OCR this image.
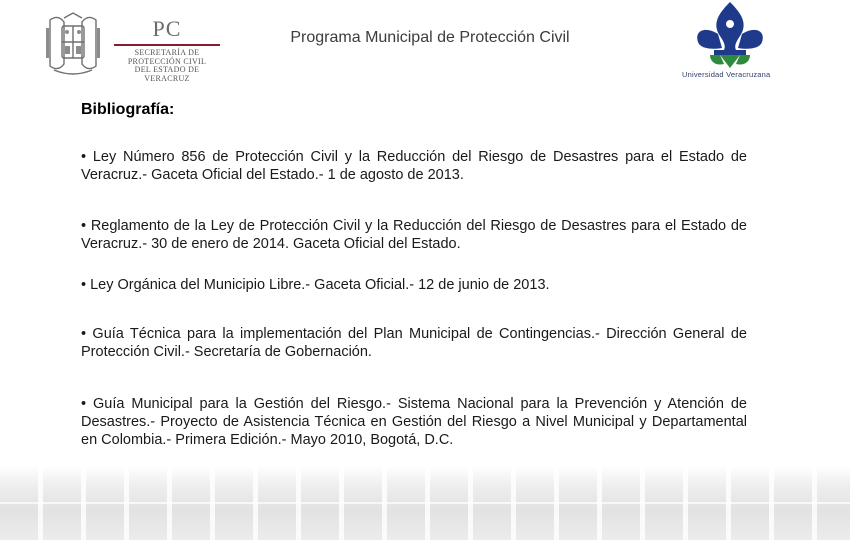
PC
SECRETARÍA DE
PROTECCIÓN CIVIL
DEL ESTADO DE VERACRUZ
Programa Municipal de Protección Civil
Universidad Veracruzana
Bibliografía:

• Ley Número 856 de Protección Civil y la Reducción del Riesgo de Desastres para el Estado de Veracruz.- Gaceta Oficial del Estado.- 1 de agosto de 2013.

• Reglamento de la Ley de Protección Civil y la Reducción del Riesgo de Desastres para el Estado de Veracruz.- 30 de enero de 2014. Gaceta Oficial del Estado.

• Ley Orgánica del Municipio Libre.- Gaceta Oficial.- 12 de junio de 2013.

• Guía Técnica para la implementación del Plan Municipal de Contingencias.- Dirección General de Protección Civil.- Secretaría de Gobernación.

• Guía Municipal para la Gestión del Riesgo.- Sistema Nacional para la Prevención y Atención de Desastres.- Proyecto de Asistencia Técnica en Gestión del Riesgo a Nivel Municipal y Departamental en Colombia.- Primera Edición.- Mayo 2010, Bogotá, D.C.
